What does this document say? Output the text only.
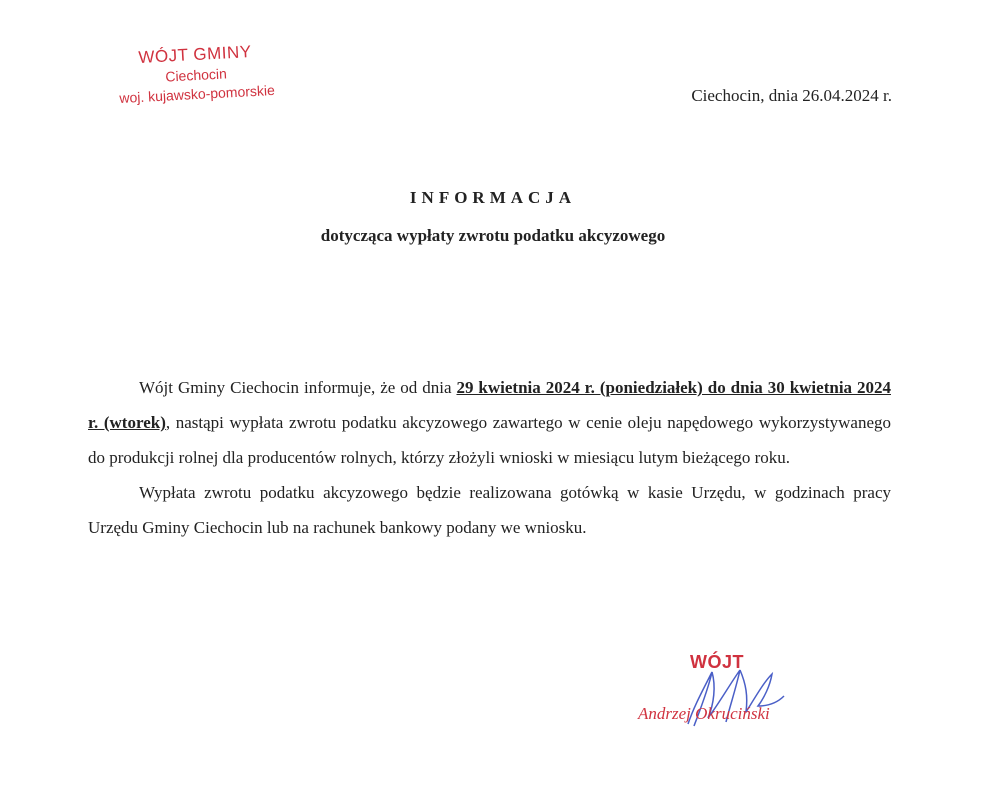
WÓJT GMINY
Ciechocin
woj. kujawsko-pomorskie	Ciechocin, dnia 26.04.2024 r.
INFORMACJA
dotycząca wypłaty zwrotu podatku akcyzowego

Wójt Gminy Ciechocin informuje, że od dnia 29 kwietnia 2024 r. (poniedziałek) do dnia 30 kwietnia 2024 r. (wtorek), nastąpi wypłata zwrotu podatku akcyzowego zawartego w cenie oleju napędowego wykorzystywanego do produkcji rolnej dla producentów rolnych, którzy złożyli wnioski w miesiącu lutym bieżącego roku.

Wypłata zwrotu podatku akcyzowego będzie realizowana gotówką w kasie Urzędu, w godzinach pracy Urzędu Gminy Ciechocin lub na rachunek bankowy podany we wniosku.

WÓJT
Andrzej Okruciński
